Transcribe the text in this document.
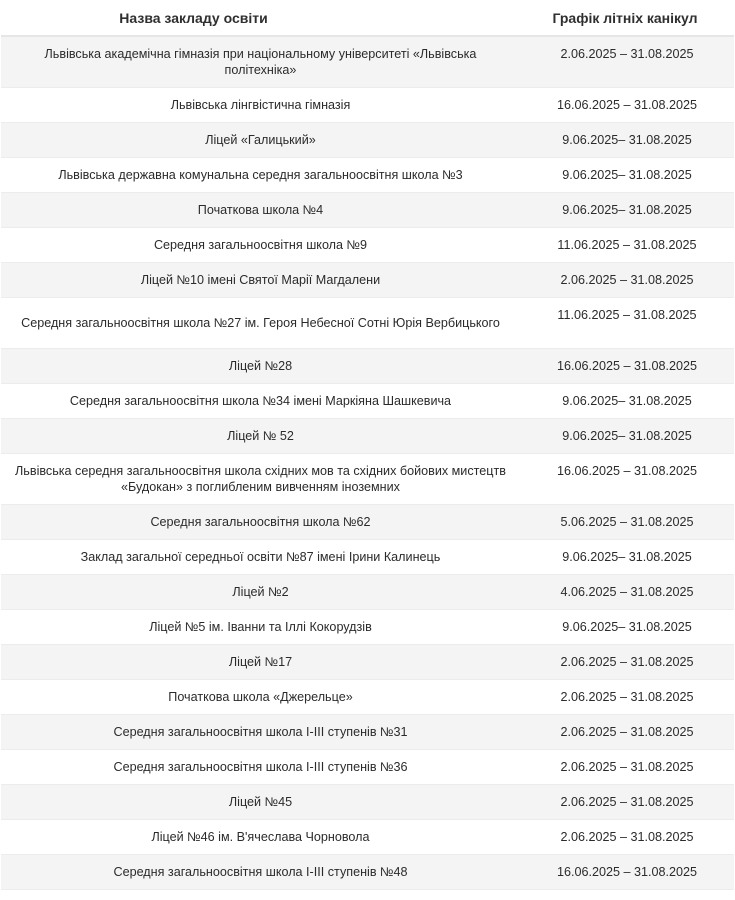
Назва закладу освіти	Графік літніх канікул
Львівська академічна гімназія при національному університеті «Львівська політехніка»	2.06.2025 – 31.08.2025
Львівська лінгвістична гімназія	16.06.2025 – 31.08.2025
Ліцей «Галицький»	9.06.2025– 31.08.2025
Львівська державна комунальна середня загальноосвітня школа №3	9.06.2025– 31.08.2025
Початкова школа №4	9.06.2025– 31.08.2025
Середня загальноосвітня школа №9	11.06.2025 – 31.08.2025
Ліцей №10 імені Святої Марії Магдалени	2.06.2025 – 31.08.2025
Середня загальноосвітня школа №27 ім. Героя Небесної Сотні Юрія Вербицького	11.06.2025 – 31.08.2025
Ліцей №28	16.06.2025 – 31.08.2025
Середня загальноосвітня школа №34 імені Маркіяна Шашкевича	9.06.2025– 31.08.2025
Ліцей № 52	9.06.2025– 31.08.2025
Львівська середня загальноосвітня школа східних мов та східних бойових мистецтв «Будокан» з поглибленим вивченням іноземних	16.06.2025 – 31.08.2025
Середня загальноосвітня школа №62	5.06.2025 – 31.08.2025
Заклад загальної середньої освіти №87 імені Ірини Калинець	9.06.2025– 31.08.2025
Ліцей №2	4.06.2025 – 31.08.2025
Ліцей №5 ім. Іванни та Іллі Кокорудзів	9.06.2025– 31.08.2025
Ліцей №17	2.06.2025 – 31.08.2025
Початкова школа «Джерельце»	2.06.2025 – 31.08.2025
Середня загальноосвітня школа I-III ступенів №31	2.06.2025 – 31.08.2025
Середня загальноосвітня школа I-III ступенів №36	2.06.2025 – 31.08.2025
Ліцей №45	2.06.2025 – 31.08.2025
Ліцей №46 ім. В'ячеслава Чорновола	2.06.2025 – 31.08.2025
Середня загальноосвітня школа I-III ступенів №48	16.06.2025 – 31.08.2025
